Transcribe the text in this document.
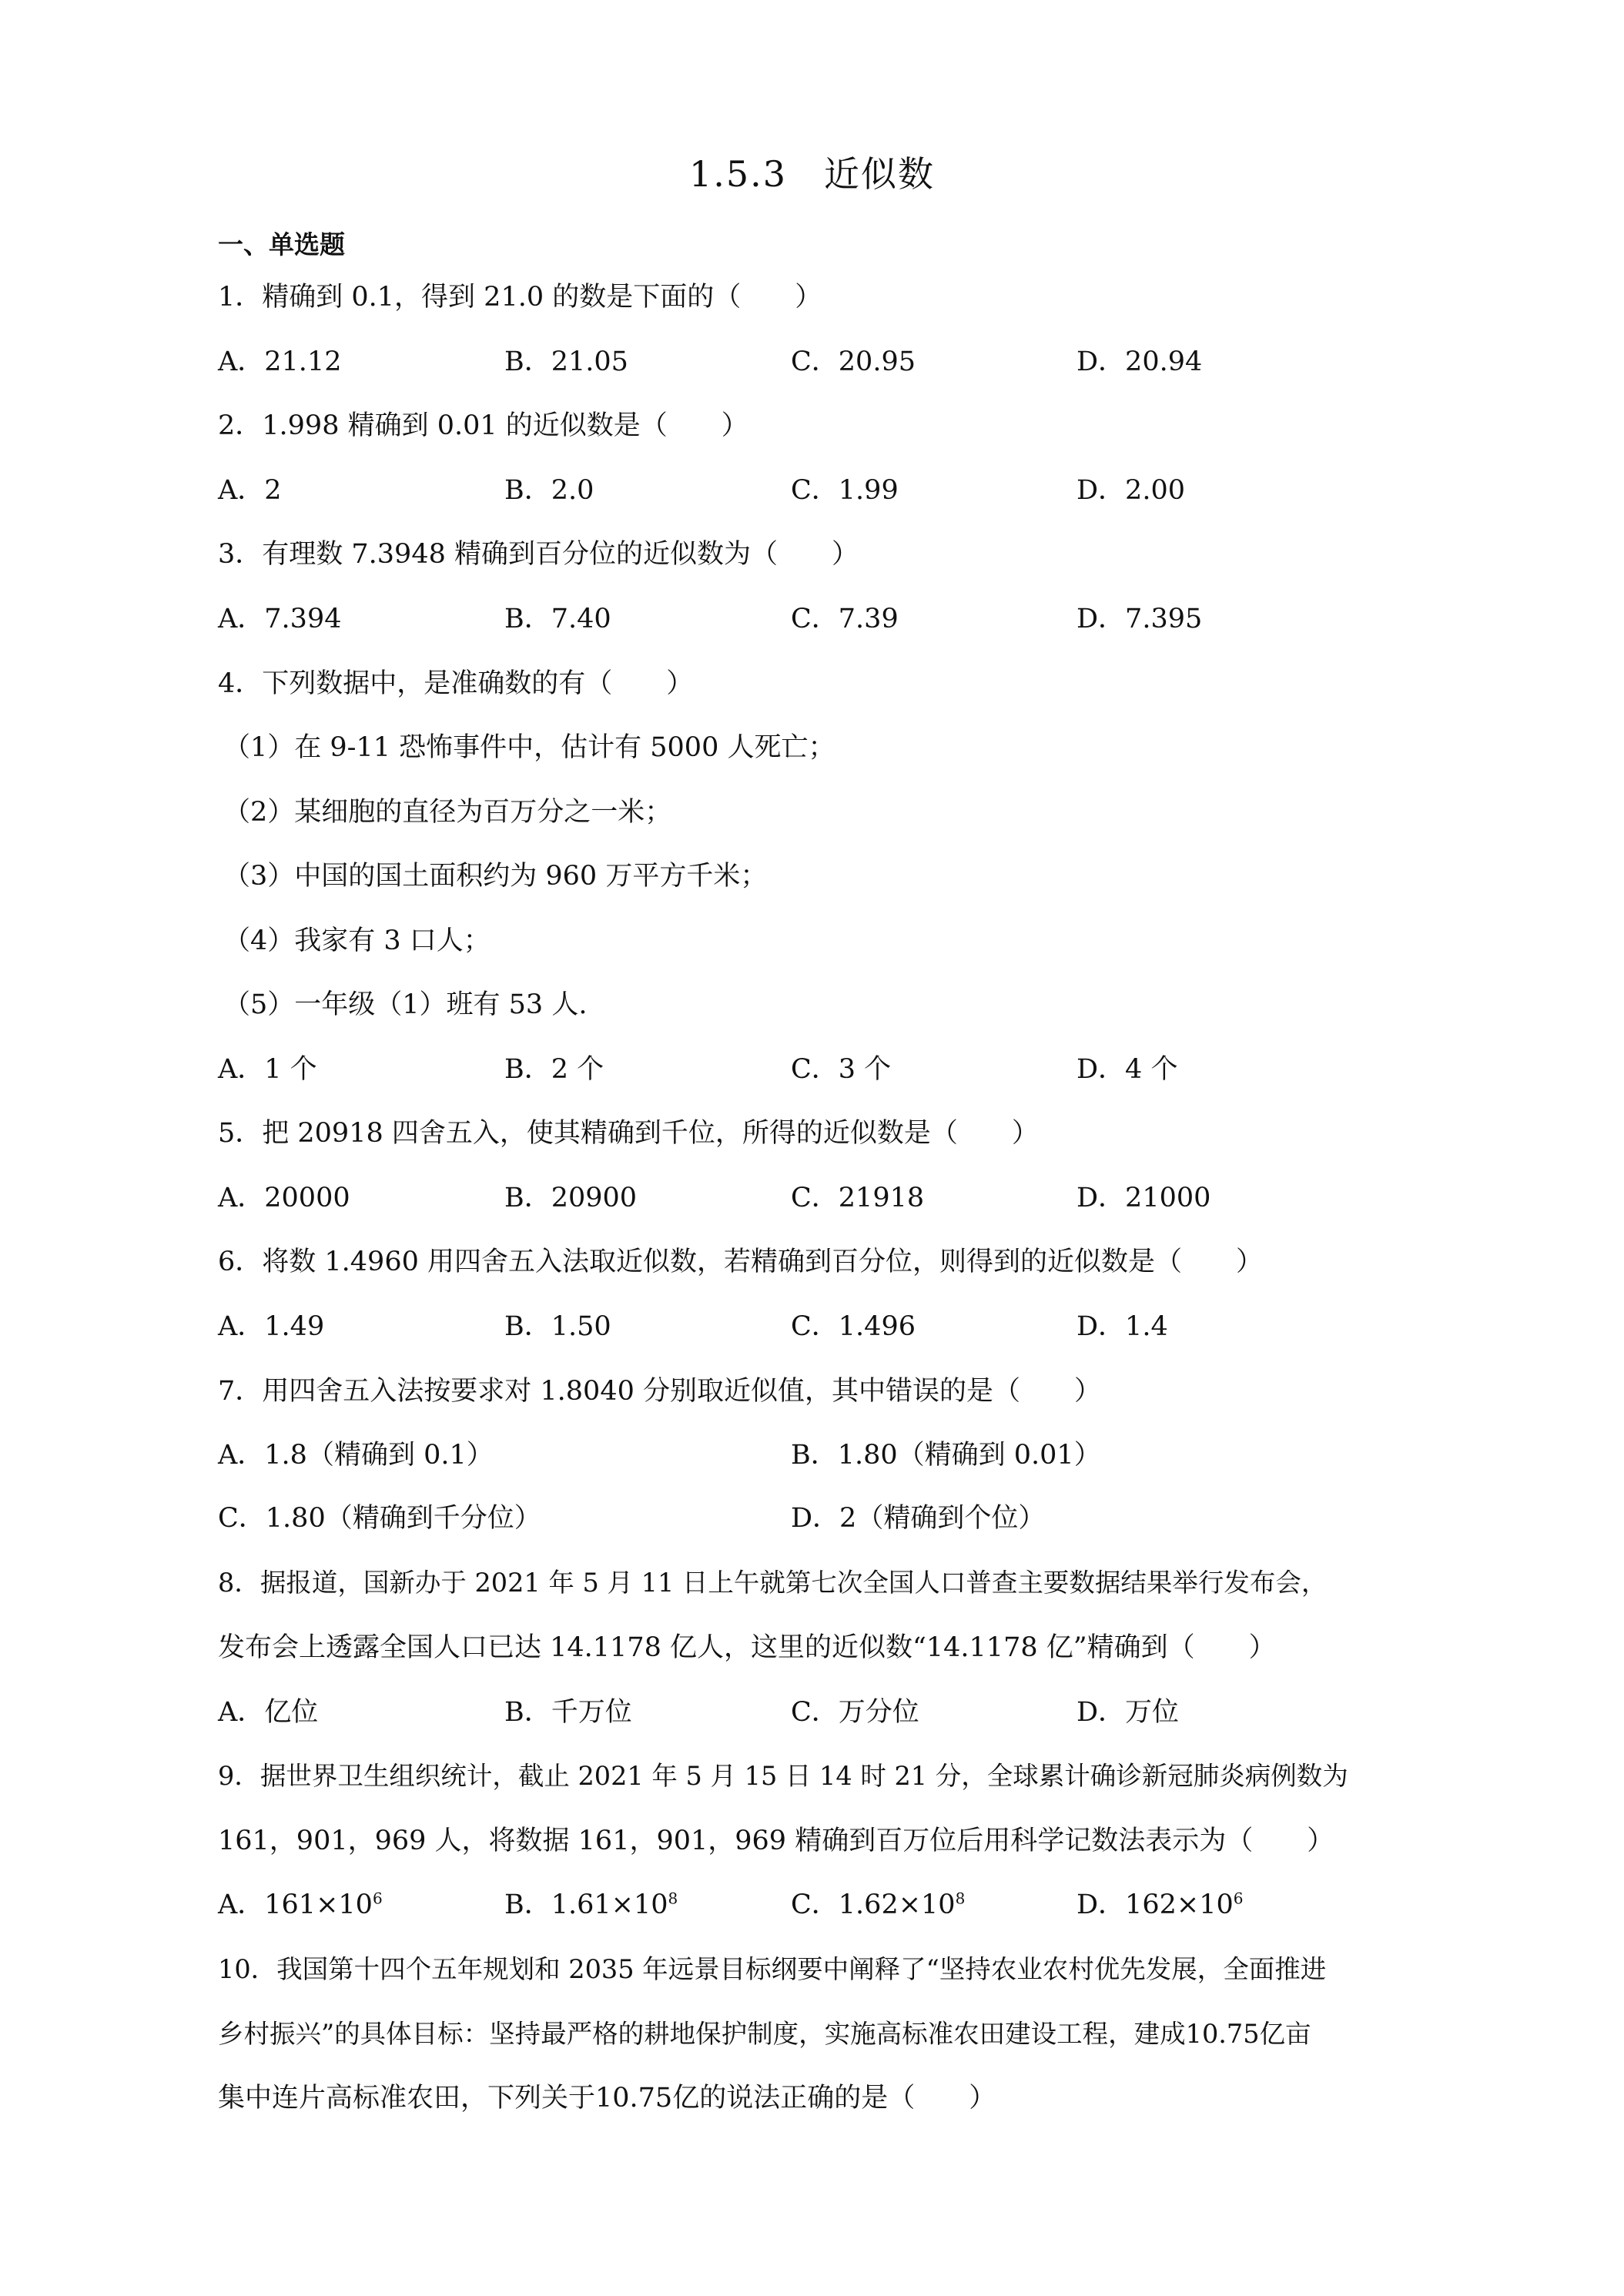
1.5.3　近似数
一、单选题
1．精确到 0.1，得到 21.0 的数是下面的（　　）
A．21.12	B．21.05	C．20.95	D．20.94
2．1.998 精确到 0.01 的近似数是（　　）
A．2	B．2.0	C．1.99	D．2.00
3．有理数 7.3948 精确到百分位的近似数为（　　）
A．7.394	B．7.40	C．7.39	D．7.395
4．下列数据中，是准确数的有（　　）
（1）在 9-11 恐怖事件中，估计有 5000 人死亡；
（2）某细胞的直径为百万分之一米；
（3）中国的国土面积约为 960 万平方千米；
（4）我家有 3 口人；
（5）一年级（1）班有 53 人.
A．1 个	B．2 个	C．3 个	D．4 个
5．把 20918 四舍五入，使其精确到千位，所得的近似数是（　　）
A．20000	B．20900	C．21918	D．21000
6．将数 1.4960 用四舍五入法取近似数，若精确到百分位，则得到的近似数是（　　）
A．1.49	B．1.50	C．1.496	D．1.4
7．用四舍五入法按要求对 1.8040 分别取近似值，其中错误的是（　　）
A．1.8（精确到 0.1）	B．1.80（精确到 0.01）
C．1.80（精确到千分位）	D．2（精确到个位）
8．据报道，国新办于 2021 年 5 月 11 日上午就第七次全国人口普查主要数据结果举行发布会，
发布会上透露全国人口已达 14.1178 亿人，这里的近似数“14.1178 亿”精确到（　　）
A．亿位	B．千万位	C．万分位	D．万位
9．据世界卫生组织统计，截止 2021 年 5 月 15 日 14 时 21 分，全球累计确诊新冠肺炎病例数为
161，901，969 人，将数据 161，901，969 精确到百万位后用科学记数法表示为（　　）
A．$161\times 10^6$	B．$1.61\times 10^8$	C．$1.62\times 10^8$	D．$162\times 10^6$
10．我国第十四个五年规划和 2035 年远景目标纲要中阐释了“坚持农业农村优先发展，全面推进
乡村振兴”的具体目标：坚持最严格的耕地保护制度，实施高标准农田建设工程，建成10.75亿亩
集中连片高标准农田，下列关于10.75亿的说法正确的是（　　）
